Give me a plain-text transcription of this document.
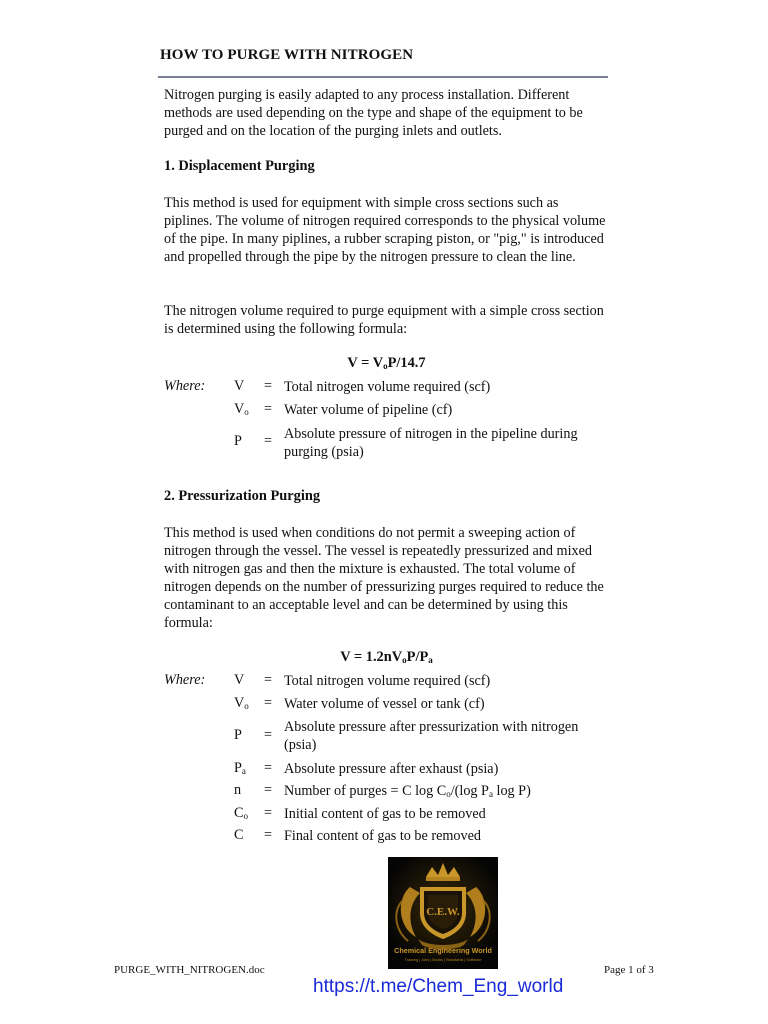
HOW TO PURGE WITH NITROGEN

Nitrogen purging is easily adapted to any process installation. Different methods are used depending on the type and shape of the equipment to be purged and on the location of the purging inlets and outlets.

1. Displacement Purging

This method is used for equipment with simple cross sections such as piplines. The volume of nitrogen required corresponds to the physical volume of the pipe. In many piplines, a rubber scraping piston, or "pig," is introduced and propelled through the pipe by the nitrogen pressure to clean the line.

The nitrogen volume required to purge equipment with a simple cross section is determined using the following formula:

$V = V_oP/14.7$
Where: V = Total nitrogen volume required (scf)
$V_o$ = Water volume of pipeline (cf)
P = Absolute pressure of nitrogen in the pipeline during purging (psia)
2. Pressurization Purging

This method is used when conditions do not permit a sweeping action of nitrogen through the vessel. The vessel is repeatedly pressurized and mixed with nitrogen gas and then the mixture is exhausted. The total volume of nitrogen depends on the number of pressurizing purges required to reduce the contaminant to an acceptable level and can be determined by using this formula:

$V = 1.2nV_oP/P_a$
Where: V = Total nitrogen volume required (scf)
$V_o$ = Water volume of vessel or tank (cf)
P = Absolute pressure after pressurization with nitrogen (psia)
$P_a$ = Absolute pressure after exhaust (psia)
n = Number of purges = C $\log C_o/(\log$ $P_a$ log P)
$C_o$ = Initial content of gas to be removed
C = Final content of gas to be removed
C.E.W.
Chemical Engineering World
Training | Jobs | Books | Standards | Software
PURGE_WITH_NITROGEN.doc	Page 1 of 3
https://t.me/Chem_Eng_world
